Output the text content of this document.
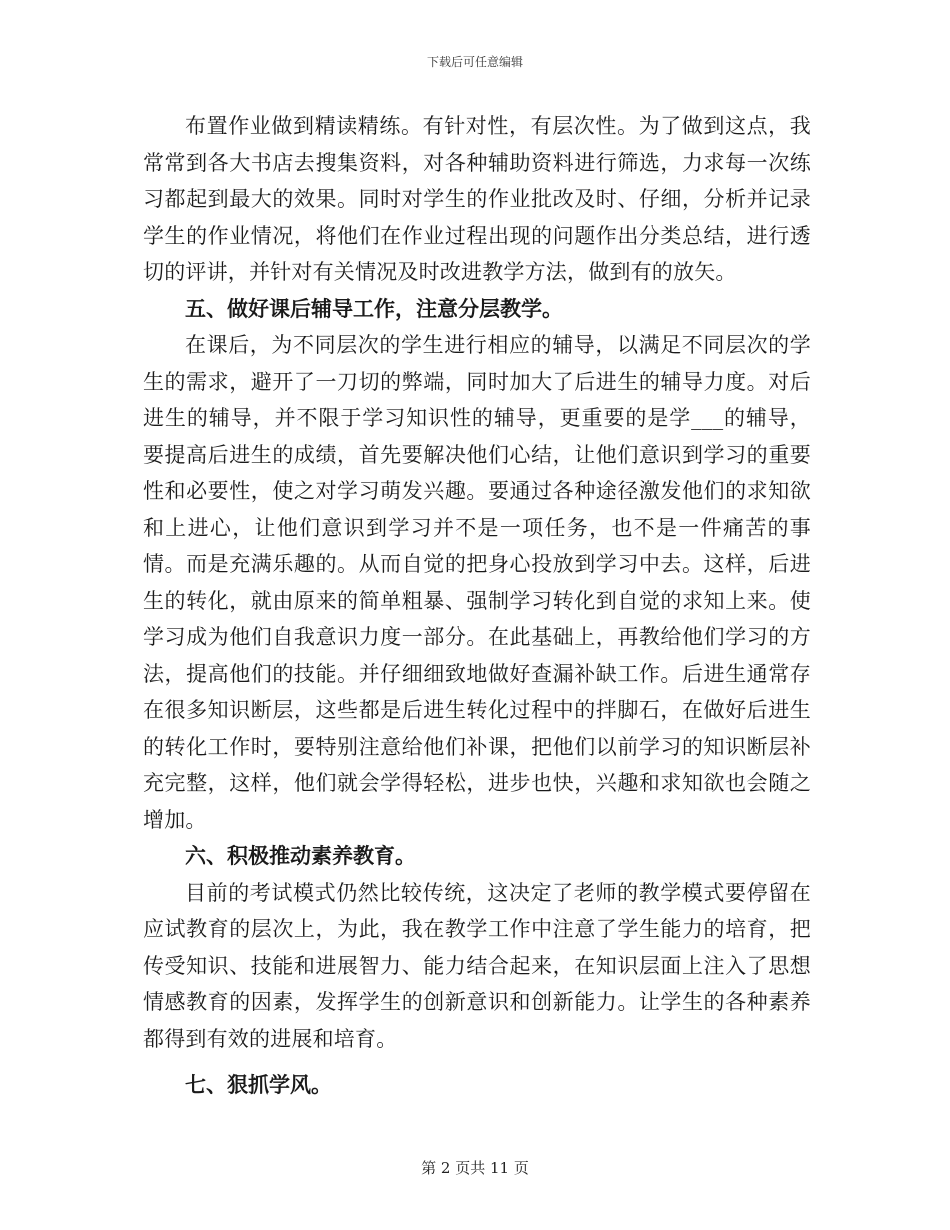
下载后可任意编辑

布置作业做到精读精练。有针对性，有层次性。为了做到这点，我常常到各大书店去搜集资料，对各种辅助资料进行筛选，力求每一次练习都起到最大的效果。同时对学生的作业批改及时、仔细，分析并记录学生的作业情况，将他们在作业过程出现的问题作出分类总结，进行透切的评讲，并针对有关情况及时改进教学方法，做到有的放矢。

五、做好课后辅导工作，注意分层教学。

在课后，为不同层次的学生进行相应的辅导，以满足不同层次的学生的需求，避开了一刀切的弊端，同时加大了后进生的辅导力度。对后进生的辅导，并不限于学习知识性的辅导，更重要的是学___的辅导，要提高后进生的成绩，首先要解决他们心结，让他们意识到学习的重要性和必要性，使之对学习萌发兴趣。要通过各种途径激发他们的求知欲和上进心，让他们意识到学习并不是一项任务，也不是一件痛苦的事情。而是充满乐趣的。从而自觉的把身心投放到学习中去。这样，后进生的转化，就由原来的简单粗暴、强制学习转化到自觉的求知上来。使学习成为他们自我意识力度一部分。在此基础上，再教给他们学习的方法，提高他们的技能。并仔细细致地做好查漏补缺工作。后进生通常存在很多知识断层，这些都是后进生转化过程中的拌脚石，在做好后进生的转化工作时，要特别注意给他们补课，把他们以前学习的知识断层补充完整，这样，他们就会学得轻松，进步也快，兴趣和求知欲也会随之增加。

六、积极推动素养教育。

目前的考试模式仍然比较传统，这决定了老师的教学模式要停留在应试教育的层次上，为此，我在教学工作中注意了学生能力的培育，把传受知识、技能和进展智力、能力结合起来，在知识层面上注入了思想情感教育的因素，发挥学生的创新意识和创新能力。让学生的各种素养都得到有效的进展和培育。

七、狠抓学风。

第 2 页共 11 页
